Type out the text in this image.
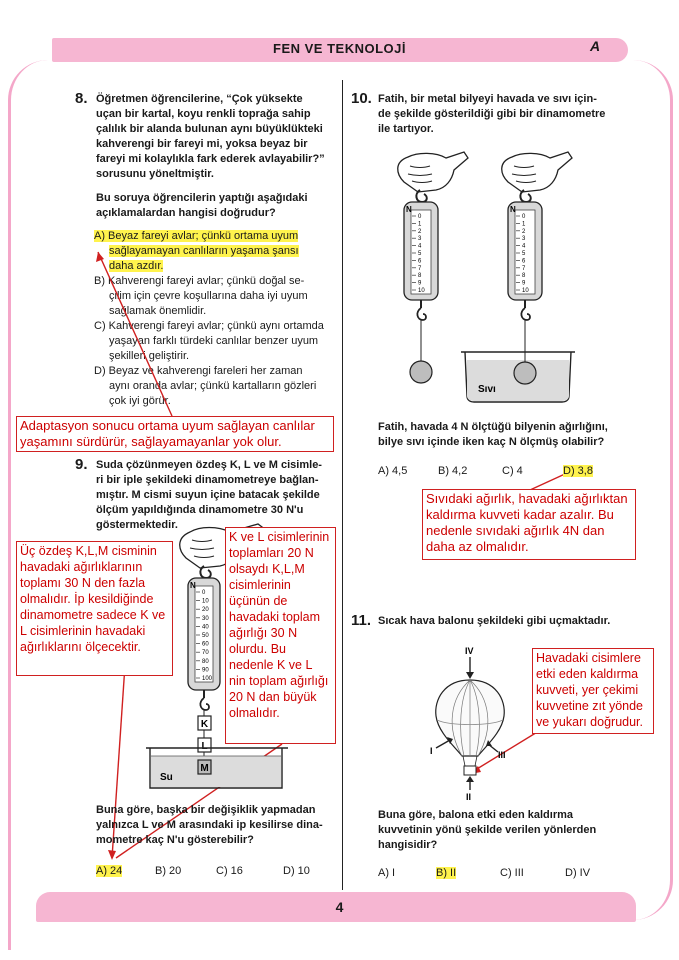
FEN VE TEKNOLOJİ	A
4
8. Öğretmen öğrencilerine, “Çok yüksekte
uçan bir kartal, koyu renkli toprağa sahip
çalılık bir alanda bulunan aynı büyüklükteki
kahverengi bir fareyi mi, yoksa beyaz bir
fareyi mi kolaylıkla fark ederek avlayabilir?”
sorusunu yöneltmiştir.
Bu soruya öğrencilerin yaptığı aşağıdaki
açıklamalardan hangisi doğrudur?
A) Beyaz fareyi avlar; çünkü ortama uyum
sağlayamayan canlıların yaşama şansı
daha azdır.
B) Kahverengi fareyi avlar; çünkü doğal se-
çilim için çevre koşullarına daha iyi uyum
sağlamak önemlidir.
C) Kahverengi fareyi avlar; çünkü aynı ortamda
yaşayan farklı türdeki canlılar benzer uyum
şekilleri geliştirir.
D) Beyaz ve kahverengi fareleri her zaman
aynı oranda avlar; çünkü kartalların gözleri
çok iyi görür.
Adaptasyon sonucu ortama uyum sağlayan canlılar yaşamını sürdürür, sağlayamayanlar yok olur.
9. Suda çözünmeyen özdeş K, L ve M cisimle-
ri bir iple şekildeki dinamometreye bağlan-
mıştır. M cismi suyun içine batacak şekilde
ölçüm yapıldığında dinamometre 30 N'u
göstermektedir.
N
0
10
20
30
40
50
60
70
80
90
100
K
L
M
Su
Üç özdeş K,L,M cisminin havadaki ağırlıklarının toplamı 30 N den fazla olmalıdır. İp kesildiğinde dinamometre sadece K ve L cisimlerinin havadaki ağırlıklarını ölçecektir.
K ve L cisimlerinin toplamları 20 N olsaydı K,L,M cisimlerinin üçünün de havadaki toplam ağırlığı 30 N olurdu. Bu nedenle K ve L nin toplam ağırlığı 20 N dan büyük olmalıdır.
Buna göre, başka bir değişiklik yapmadan
yalnızca L ve M arasındaki ip kesilirse dina-
mometre kaç N'u gösterebilir?
A) 24	B) 20	C) 16	D) 10
10. Fatih, bir metal bilyeyi havada ve sıvı için-
de şekilde gösterildiği gibi bir dinamometre
ile tartıyor.
N
0
1
2
3
4
5
6
7
8
9
10
N
0
1
2
3
4
5
6
7
8
9
10
Sıvı
Fatih, havada 4 N ölçtüğü bilyenin ağırlığını,
bilye sıvı içinde iken kaç N ölçmüş olabilir?
A) 4,5	B) 4,2	C) 4	D) 3,8
Sıvıdaki ağırlık, havadaki ağırlıktan kaldırma kuvveti kadar azalır. Bu nedenle sıvıdaki ağırlık 4N dan daha az olmalıdır.
11. Sıcak hava balonu şekildeki gibi uçmaktadır.
IV
I	III
II
Havadaki cisimlere etki eden kaldırma kuvveti, yer çekimi kuvvetine zıt yönde ve yukarı doğrudur.
Buna göre, balona etki eden kaldırma
kuvvetinin yönü şekilde verilen yönlerden
hangisidir?
A) I	B) II	C) III	D) IV
